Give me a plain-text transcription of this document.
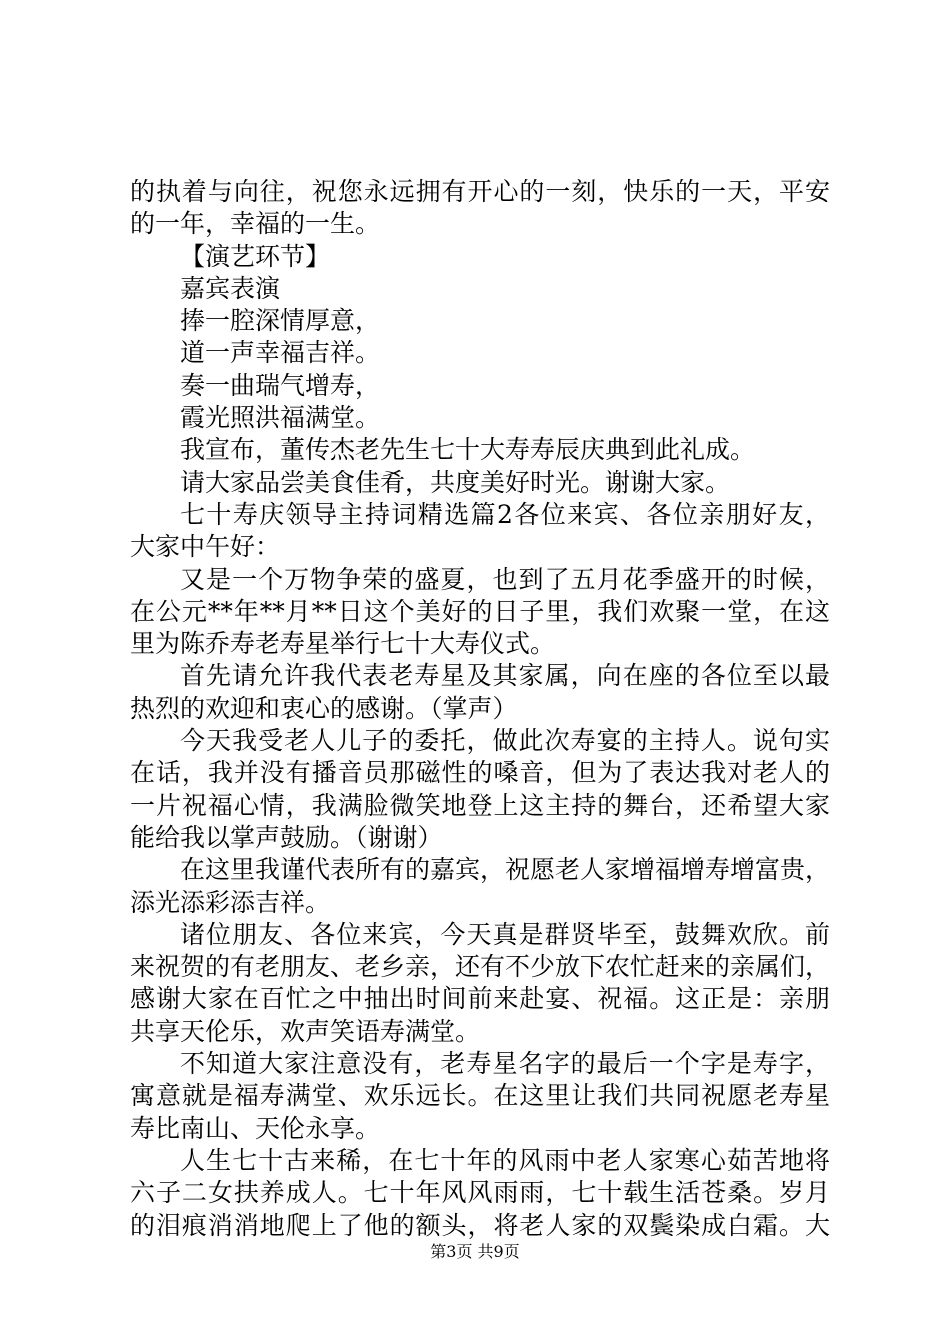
的执着与向往，祝您永远拥有开心的一刻，快乐的一天，平安
的一年，幸福的一生。
【演艺环节】
嘉宾表演
捧一腔深情厚意，
道一声幸福吉祥。
奏一曲瑞气增寿，
霞光照洪福满堂。
我宣布，董传杰老先生七十大寿寿辰庆典到此礼成。
请大家品尝美食佳肴，共度美好时光。谢谢大家。
七十寿庆领导主持词精选篇2各位来宾、各位亲朋好友，
大家中午好：
又是一个万物争荣的盛夏，也到了五月花季盛开的时候，
在公元**年**月**日这个美好的日子里，我们欢聚一堂，在这
里为陈乔寿老寿星举行七十大寿仪式。
首先请允许我代表老寿星及其家属，向在座的各位至以最
热烈的欢迎和衷心的感谢。（掌声）
今天我受老人儿子的委托，做此次寿宴的主持人。说句实
在话，我并没有播音员那磁性的嗓音，但为了表达我对老人的
一片祝福心情，我满脸微笑地登上这主持的舞台，还希望大家
能给我以掌声鼓励。（谢谢）
在这里我谨代表所有的嘉宾，祝愿老人家增福增寿增富贵，
添光添彩添吉祥。
诸位朋友、各位来宾，今天真是群贤毕至，鼓舞欢欣。前
来祝贺的有老朋友、老乡亲，还有不少放下农忙赶来的亲属们，
感谢大家在百忙之中抽出时间前来赴宴、祝福。这正是：亲朋
共享天伦乐，欢声笑语寿满堂。
不知道大家注意没有，老寿星名字的最后一个字是寿字，
寓意就是福寿满堂、欢乐远长。在这里让我们共同祝愿老寿星
寿比南山、天伦永享。
人生七十古来稀，在七十年的风雨中老人家寒心茹苦地将
六子二女扶养成人。七十年风风雨雨，七十载生活苍桑。岁月
的泪痕消消地爬上了他的额头，将老人家的双鬓染成白霜。大
第3页 共9页
